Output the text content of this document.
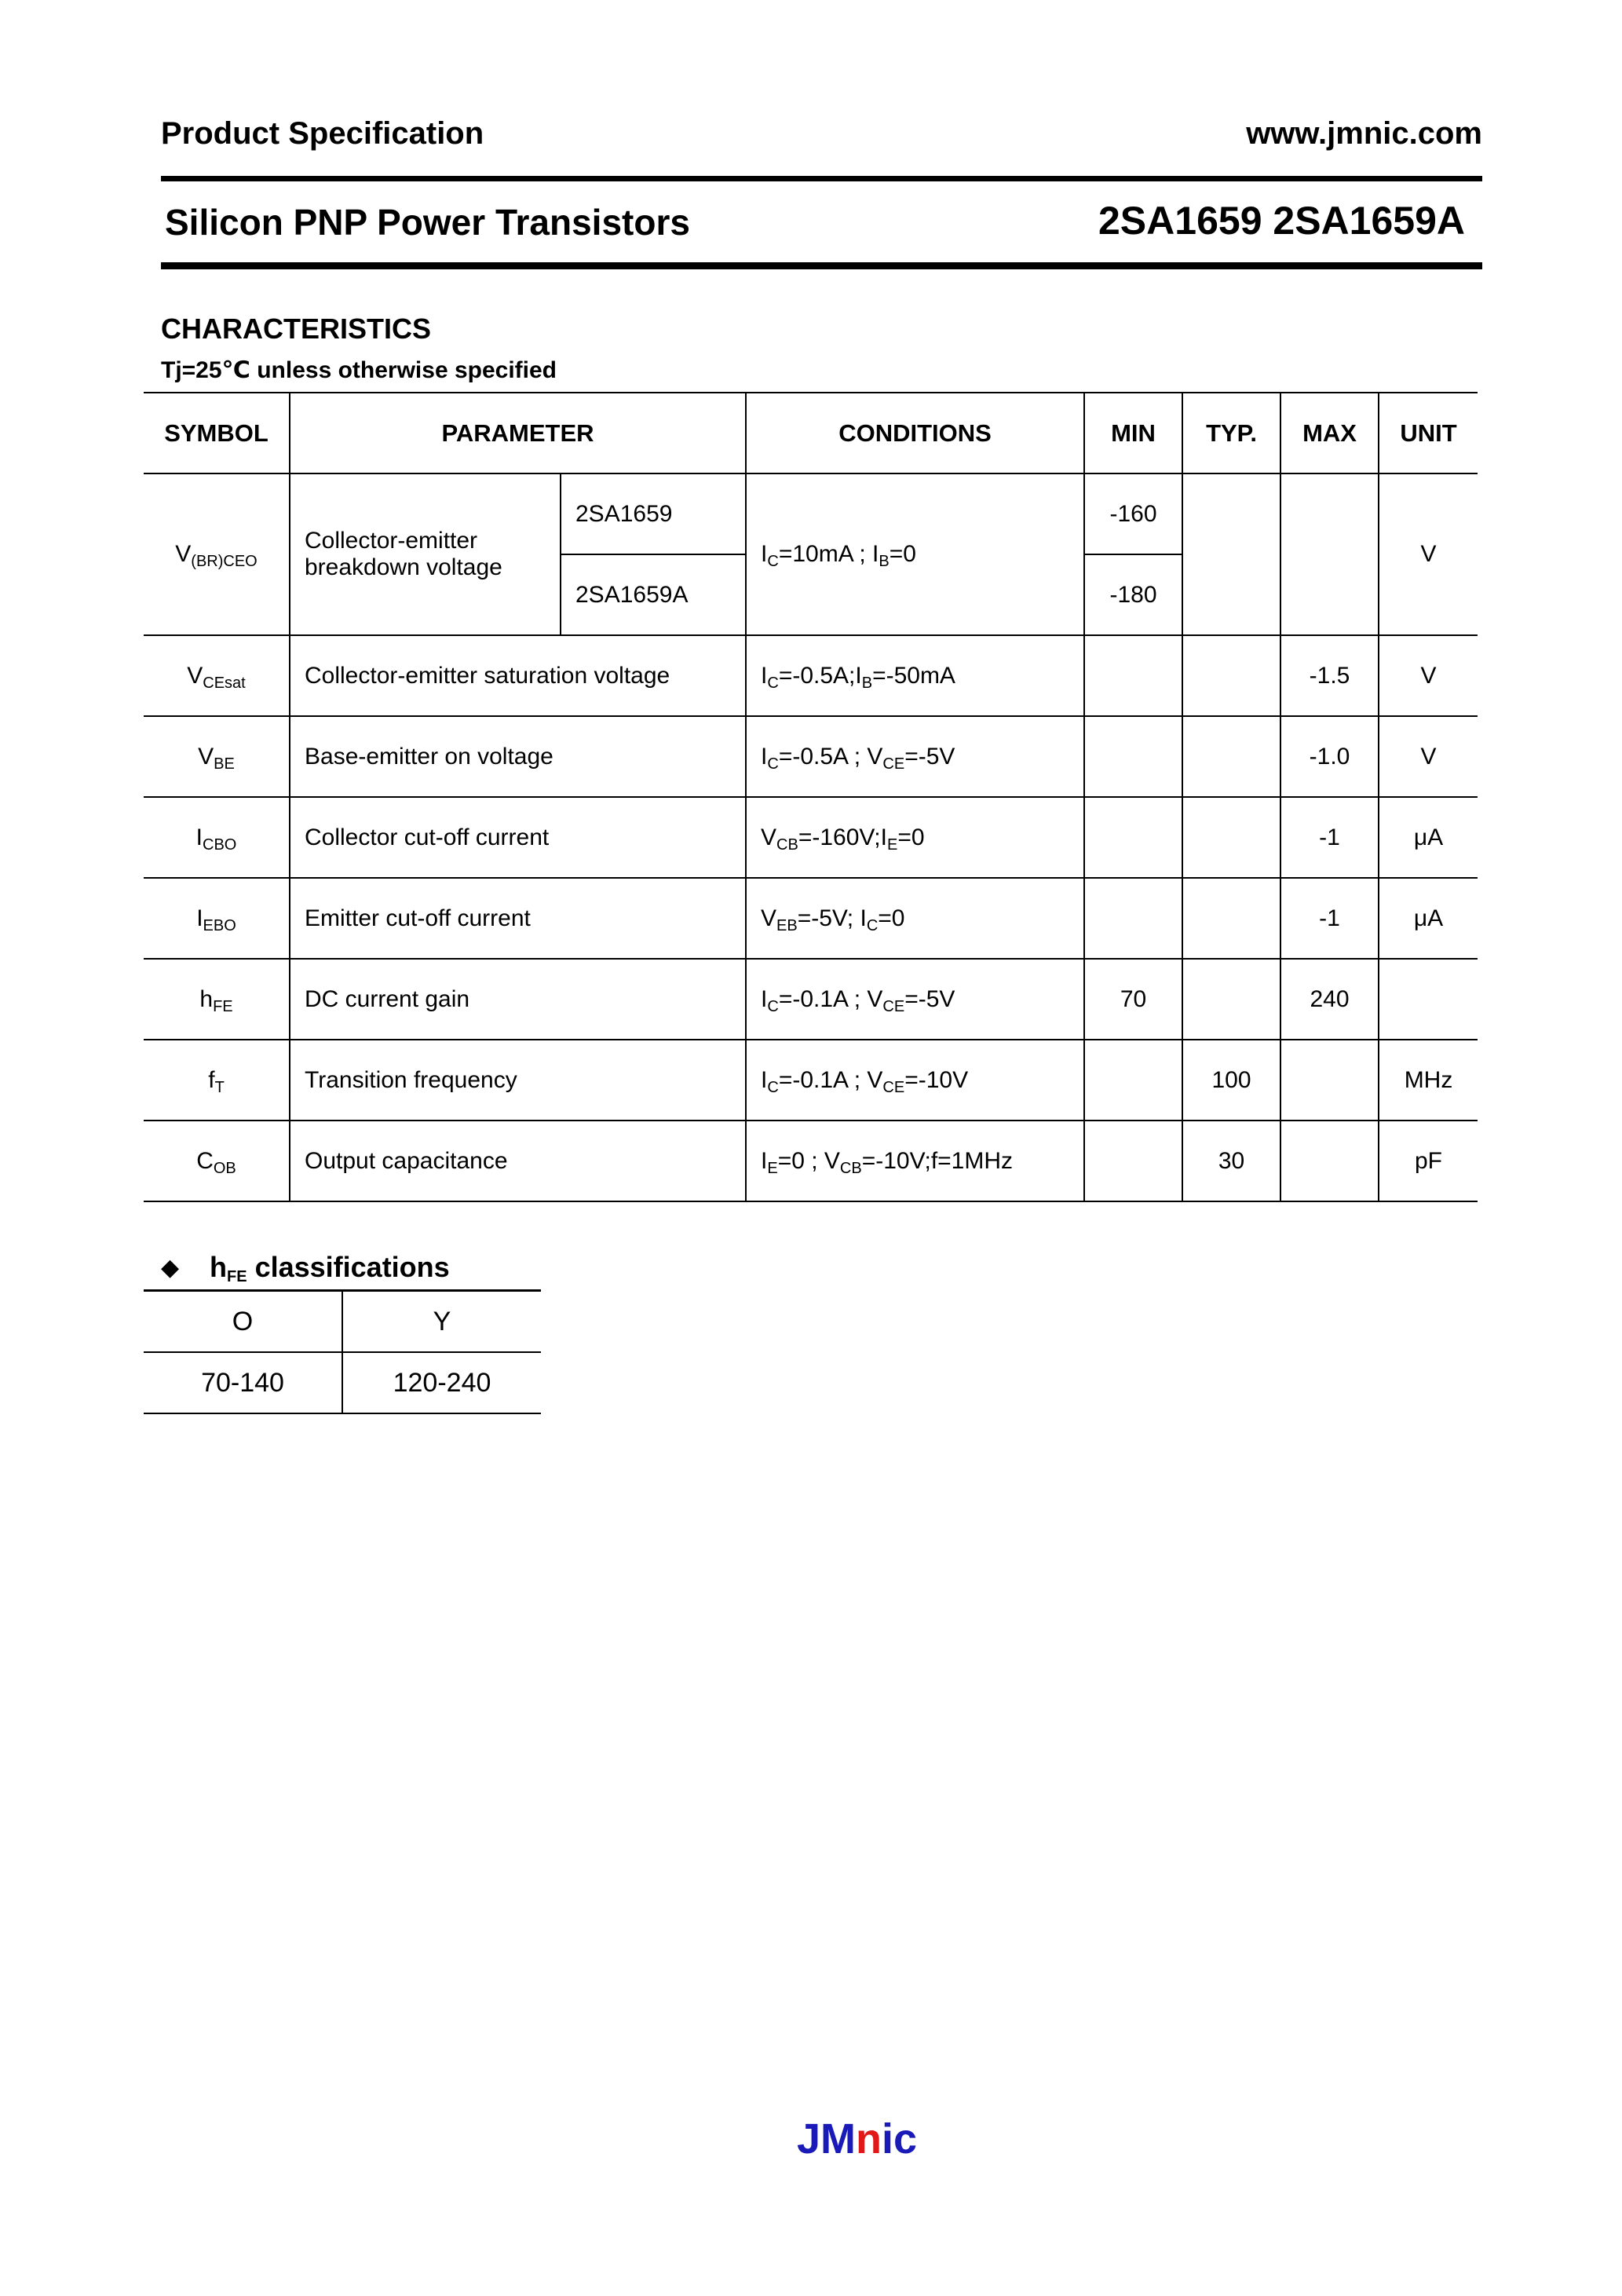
Product Specification	www.jmnic.com
Silicon PNP Power Transistors	2SA1659 2SA1659A
CHARACTERISTICS
Tj=25℃ unless otherwise specified
SYMBOL	PARAMETER		CONDITIONS	MIN	TYP.	MAX	UNIT
$V_{(BR)CEO}$	Collector-emitter breakdown voltage	2SA1659	$I_C=10mA$ ; $I_B=0$	-160			V
		2SA1659A		-180			
$V_{CEsat}$	Collector-emitter saturation voltage		$I_C=-0.5A;I_B=-50mA$			-1.5	V
$V_{BE}$	Base-emitter on voltage		$I_C=-0.5A$ ; $V_{CE}=-5V$			-1.0	V
$I_{CBO}$	Collector cut-off current		$V_{CB}=-160V;I_E=0$			-1	μA
$I_{EBO}$	Emitter cut-off current		$V_{EB}=-5V$; $I_C=0$			-1	μA
$h_{FE}$	DC current gain		$I_C=-0.1A$ ; $V_{CE}=-5V$	70		240	
$f_T$	Transition frequency		$I_C=-0.1A$ ; $V_{CE}=-10V$		100		MHz
$C_{OB}$	Output capacitance		$I_E=0$ ; $V_{CB}=-10V;f=1MHz$		30		pF
◆ $h_{FE}$ classifications
O	Y
70-140	120-240
JMnic
